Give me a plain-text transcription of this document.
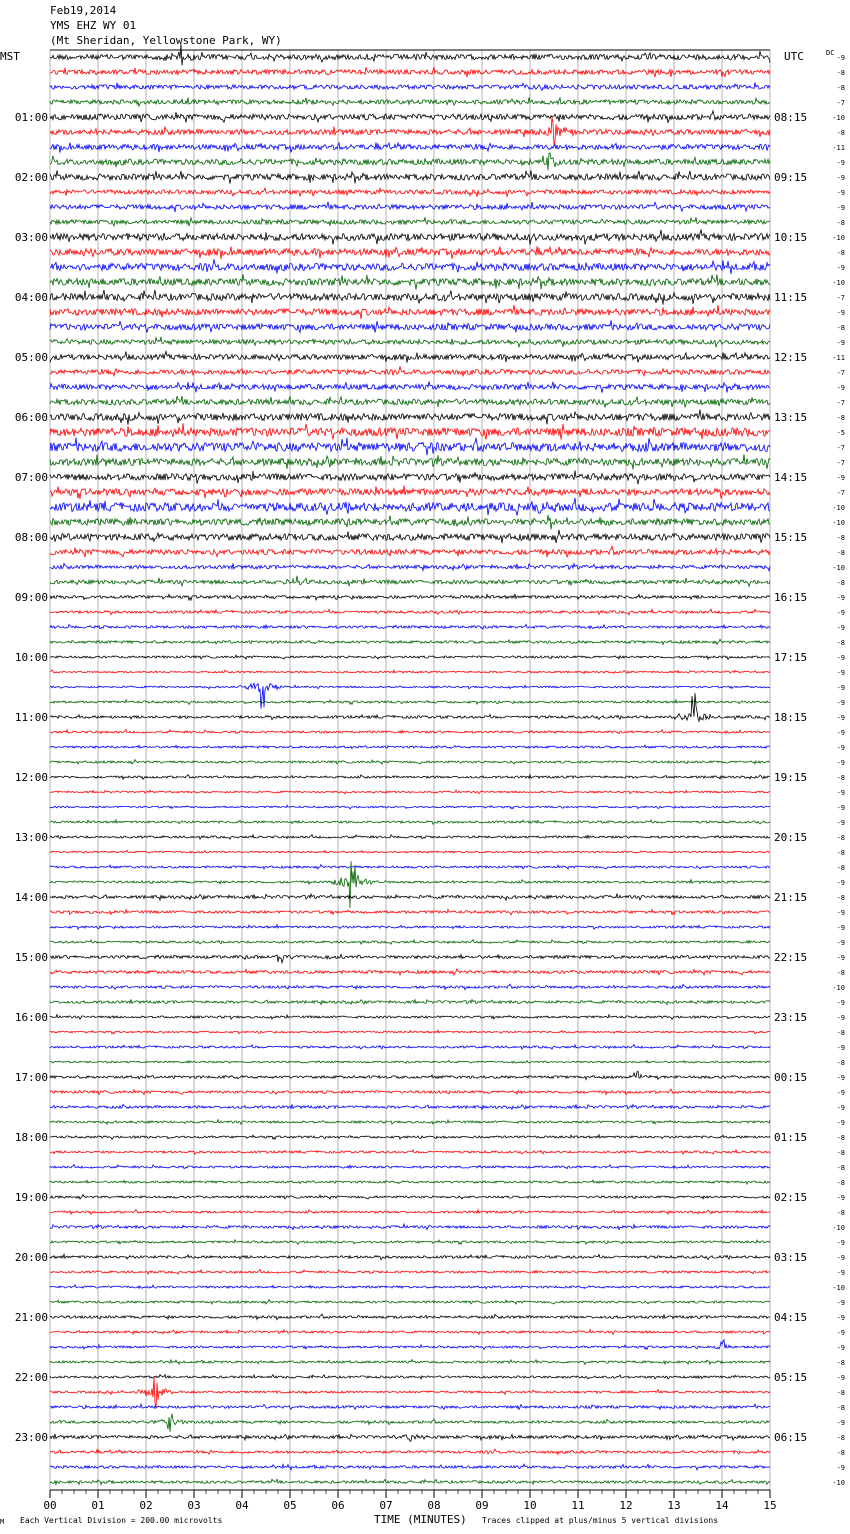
Feb19,2014
YMS EHZ WY 01
(Mt Sheridan, Yellowstone Park, WY)
MST	UTC
00	01	02	03	04	05	06	07	08	09	10	11	12	13	14	15
01:00
02:00
03:00
04:00
05:00
06:00
07:00
08:00
09:00
10:00
11:00
12:00
13:00
14:00
15:00
16:00
17:00
18:00
19:00
20:00
21:00
22:00
23:00
08:15
09:15
10:15
11:15
12:15
13:15
14:15
15:15
16:15
17:15
18:15
19:15
20:15
21:15
22:15
23:15
00:15
01:15
02:15
03:15
04:15
05:15
06:15
DC
-9
-8
-8
-7
-10
-8
-11
-9
-9
-9
-9
-8
-10
-8
-9
-10
-7
-9
-8
-9
-11
-7
-9
-7
-8
-5
-7
-7
-9
-7
-10
-10
-8
-8
-10
-8
-9
-9
-9
-8
-9
-9
-9
-9
-9
-9
-9
-9
-8
-9
-9
-9
-8
-8
-8
-9
-8
-9
-9
-9
-9
-8
-10
-9
-9
-8
-9
-8
-9
-9
-9
-9
-8
-8
-8
-8
-9
-8
-10
-9
-9
-9
-10
-9
-9
-9
-9
-8
-9
-8
-8
-9
-8
-8
-9
-10
M Each Vertical Division = 200.00 microvolts	TIME (MINUTES) Traces clipped at plus/minus 5 vertical divisions
